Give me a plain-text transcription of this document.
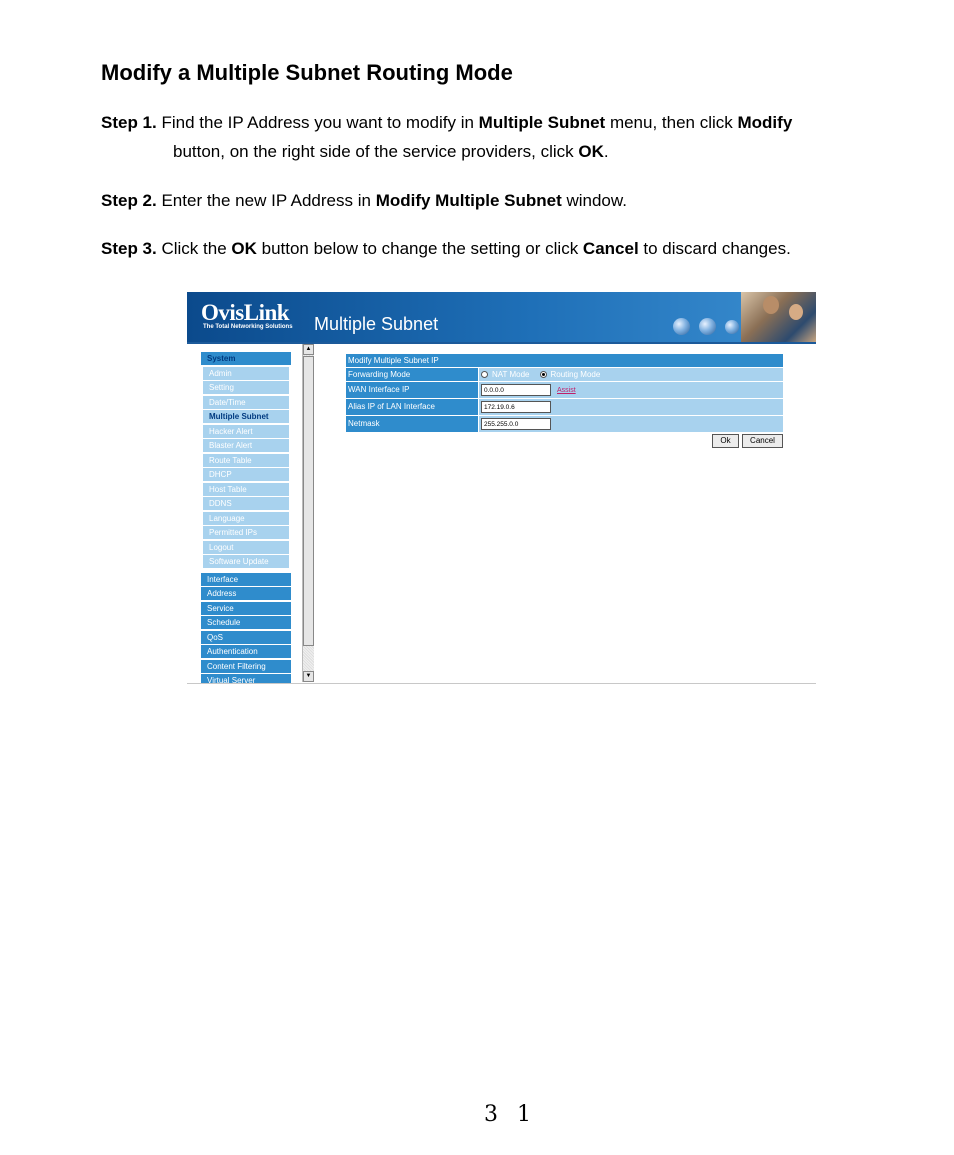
Modify a Multiple Subnet Routing Mode

Step 1. Find the IP Address you want to modify in Multiple Subnet menu, then click Modify
button, on the right side of the service providers, click OK.

Step 2. Enter the new IP Address in Modify Multiple Subnet window.

Step 3. Click the OK button below to change the setting or click Cancel to discard changes.

OvisLink
The Total Networking Solutions Multiple Subnet
System
Admin
Setting
Date/Time
Multiple Subnet
Hacker Alert
Blaster Alert
Route Table
DHCP
Host Table
DDNS
Language
Permitted IPs
Logout
Software Update
Interface
Address
Service
Schedule
QoS
Authentication
Content Filtering
Virtual Server
▲
▼
Modify Multiple Subnet IP
Forwarding Mode	NAT Mode	Routing Mode
WAN Interface IP	0.0.0.0	Assist
Alias IP of LAN Interface	172.19.0.6
Netmask	255.255.0.0
Ok	Cancel
3 1
